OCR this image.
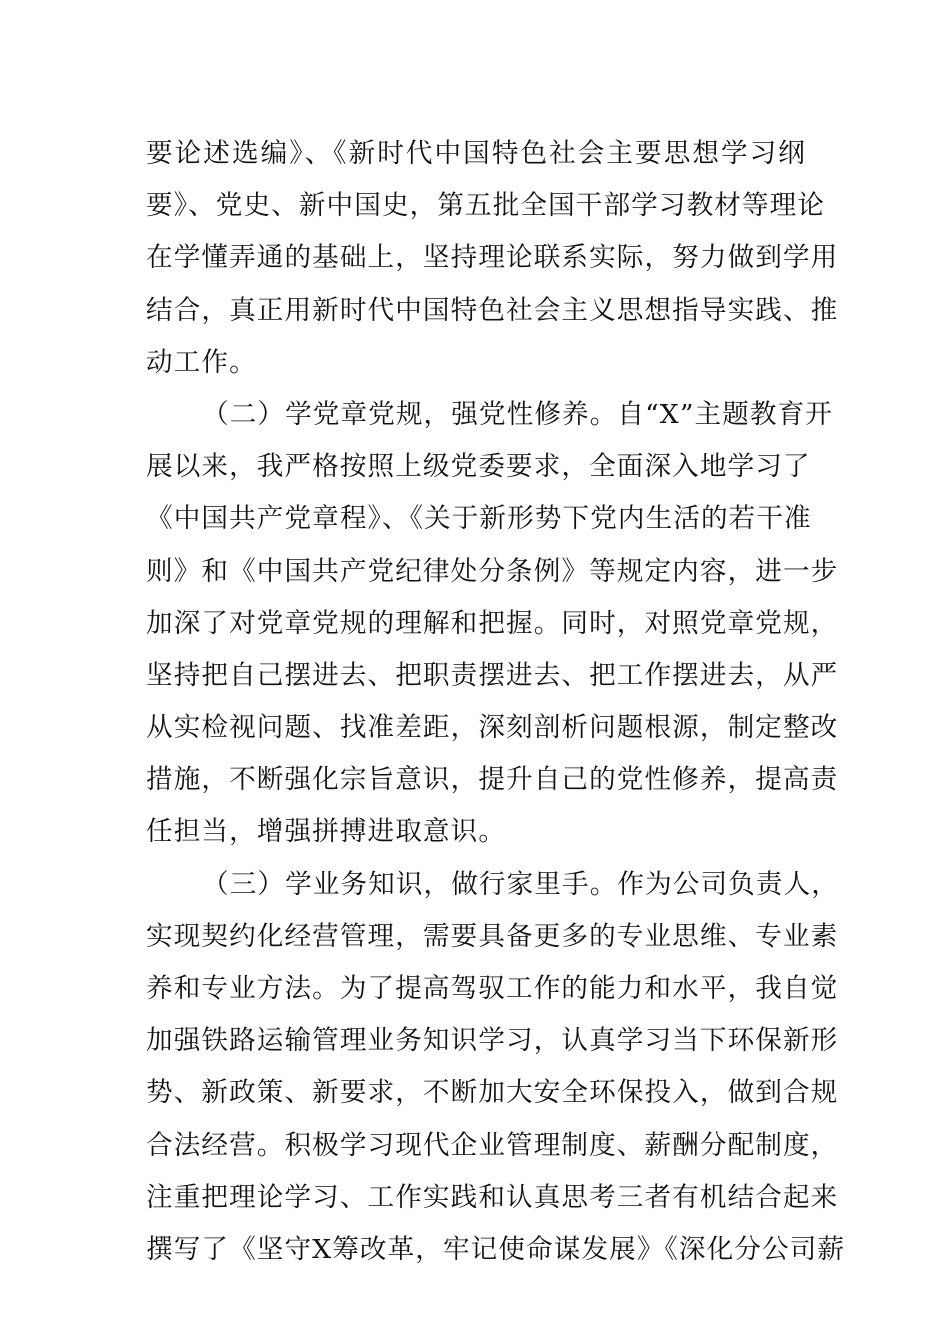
要论述选编》、《新时代中国特色社会主要思想学习纲
要》、党史、新中国史，第五批全国干部学习教材等理论
在学懂弄通的基础上，坚持理论联系实际，努力做到学用
结合，真正用新时代中国特色社会主义思想指导实践、推
动工作。
（二）学党章党规，强党性修养。自“X”主题教育开
展以来，我严格按照上级党委要求，全面深入地学习了
《中国共产党章程》、《关于新形势下党内生活的若干准
则》和《中国共产党纪律处分条例》等规定内容，进一步
加深了对党章党规的理解和把握。同时，对照党章党规，
坚持把自己摆进去、把职责摆进去、把工作摆进去，从严
从实检视问题、找准差距，深刻剖析问题根源，制定整改
措施，不断强化宗旨意识，提升自己的党性修养，提高责
任担当，增强拼搏进取意识。
（三）学业务知识，做行家里手。作为公司负责人，
实现契约化经营管理，需要具备更多的专业思维、专业素
养和专业方法。为了提高驾驭工作的能力和水平，我自觉
加强铁路运输管理业务知识学习，认真学习当下环保新形
势、新政策、新要求，不断加大安全环保投入，做到合规
合法经营。积极学习现代企业管理制度、薪酬分配制度，
注重把理论学习、工作实践和认真思考三者有机结合起来
撰写了《坚守X筹改革，牢记使命谋发展》《深化分公司薪
